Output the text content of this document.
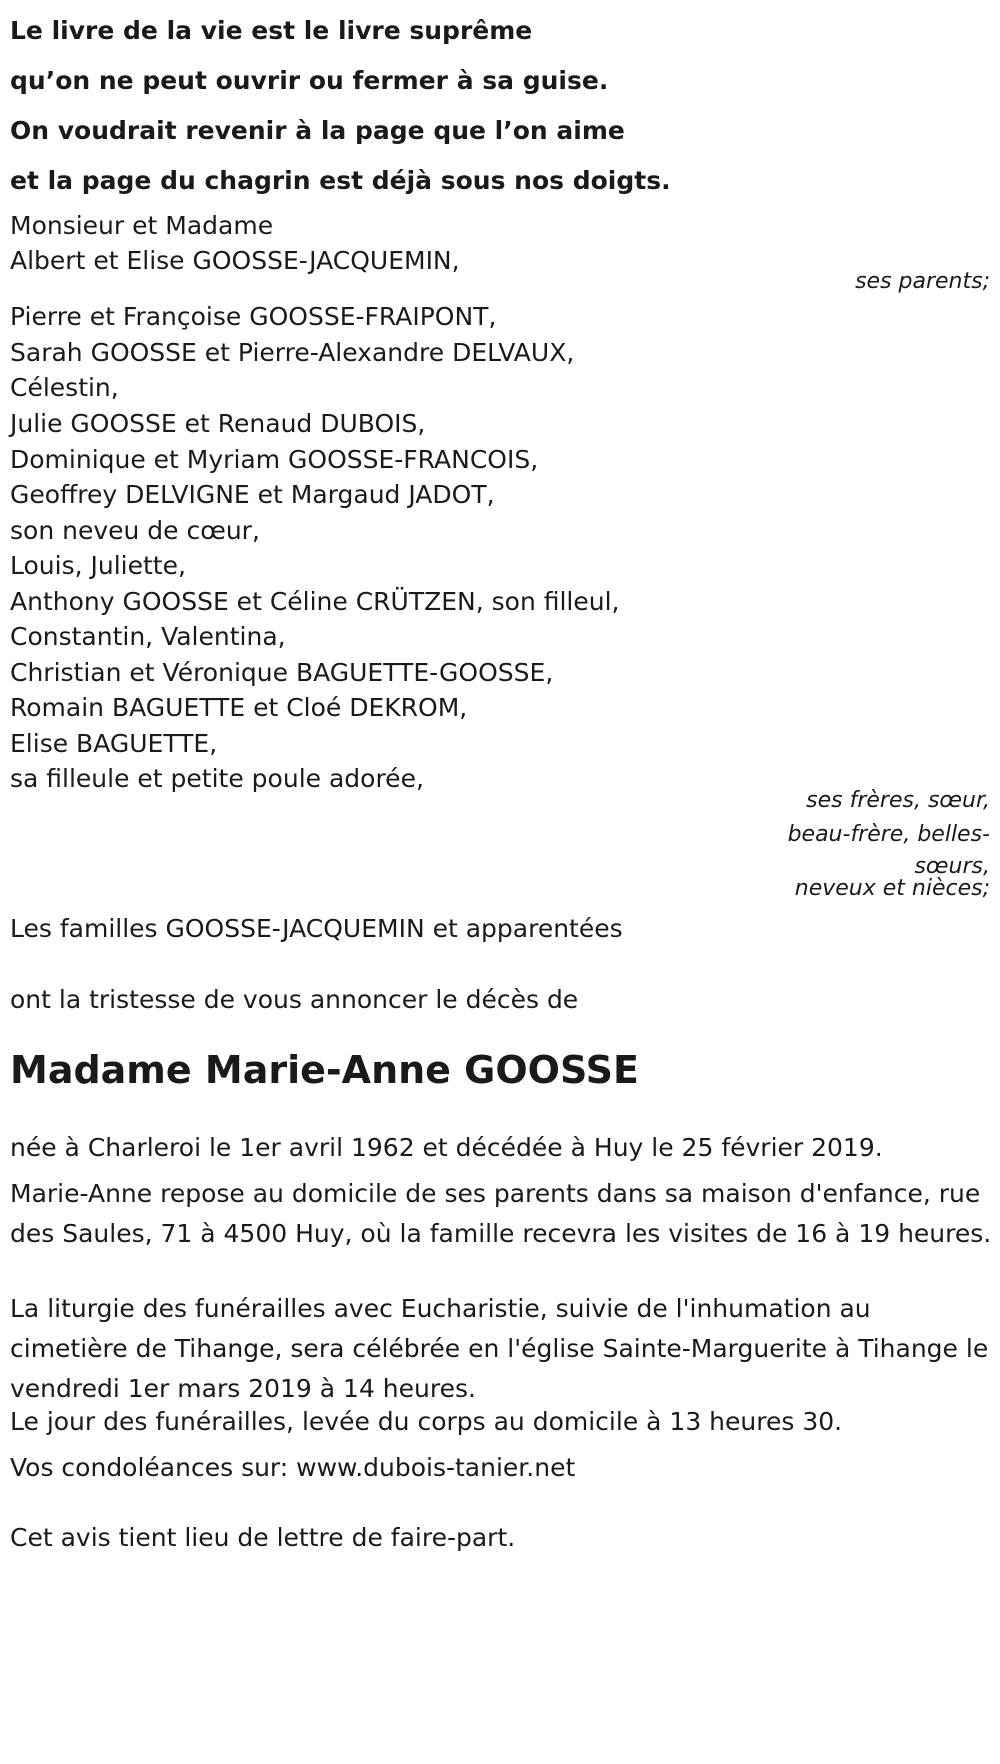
Le livre de la vie est le livre suprême
qu’on ne peut ouvrir ou fermer à sa guise.
On voudrait revenir à la page que l’on aime
et la page du chagrin est déjà sous nos doigts.
Monsieur et Madame
Albert et Elise GOOSSE-JACQUEMIN,
ses parents;
Pierre et Françoise GOOSSE-FRAIPONT,
Sarah GOOSSE et Pierre-Alexandre DELVAUX,
Célestin,
Julie GOOSSE et Renaud DUBOIS,
Dominique et Myriam GOOSSE-FRANCOIS,
Geoffrey DELVIGNE et Margaud JADOT,
son neveu de cœur,
Louis, Juliette,
Anthony GOOSSE et Céline CRÜTZEN, son filleul,
Constantin, Valentina,
Christian et Véronique BAGUETTE-GOOSSE,
Romain BAGUETTE et Cloé DEKROM,
Elise BAGUETTE,
sa filleule et petite poule adorée,
ses frères, sœur,
beau-frère, belles-
sœurs,
neveux et nièces;
Les familles GOOSSE-JACQUEMIN et apparentées
ont la tristesse de vous annoncer le décès de
Madame Marie-Anne GOOSSE

née à Charleroi le 1er avril 1962 et décédée à Huy le 25 février 2019.

Marie-Anne repose au domicile de ses parents dans sa maison d'enfance, rue des Saules, 71 à 4500 Huy, où la famille recevra les visites de 16 à 19 heures.

La liturgie des funérailles avec Eucharistie, suivie de l'inhumation au cimetière de Tihange, sera célébrée en l'église Sainte-Marguerite à Tihange le vendredi 1er mars 2019 à 14 heures.

Le jour des funérailles, levée du corps au domicile à 13 heures 30.

Vos condoléances sur: www.dubois-tanier.net

Cet avis tient lieu de lettre de faire-part.
